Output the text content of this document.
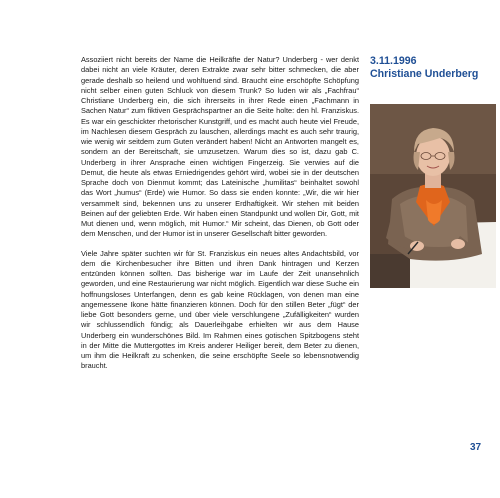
Assoziiert nicht bereits der Name die Heilkräfte der Natur? Underberg - wer denkt dabei nicht an viele Kräuter, deren Extrakte zwar sehr bitter schmecken, die aber gerade deshalb so heilend und wohltuend sind. Braucht eine erschöpfte Schöpfung nicht selber einen guten Schluck von diesem Trunk? So luden wir als „Fachfrau“ Christiane Underberg ein, die sich ihrerseits in ihrer Rede einen „Fachmann in Sachen Natur“ zum fiktiven Gesprächspartner an die Seite holte: den hl. Franziskus. Es war ein geschickter rhetorischer Kunstgriff, und es macht auch heute viel Freude, im Nachlesen diesem Gespräch zu lauschen, allerdings macht es auch sehr traurig, wie wenig wir seitdem zum Guten verändert haben! Nicht an Antworten mangelt es, sondern an der Bereitschaft, sie umzusetzen. Warum dies so ist, dazu gab C. Underberg in ihrer Ansprache einen wichtigen Fingerzeig. Sie verwies auf die Demut, die heute als etwas Erniedrigendes gehört wird, wobei sie in der deutschen Sprache doch von Dienmut kommt; das Lateinische „humilitas“ beinhaltet sowohl das Wort „humus“ (Erde) wie Humor. So dass sie enden konnte: „Wir, die wir hier versammelt sind, bekennen uns zu unserer Erdhaftigkeit. Wir stehen mit beiden Beinen auf der geliebten Erde. Wir haben einen Standpunkt und wollen Dir, Gott, mit Mut dienen und, wenn möglich, mit Humor.“ Mir scheint, das Dienen, ob Gott oder dem Menschen, und der Humor ist in unserer Gesellschaft bitter geworden.

Viele Jahre später suchten wir für St. Franziskus ein neues altes Andachtsbild, vor dem die Kirchenbesucher ihre Bitten und ihren Dank hintragen und Kerzen entzünden können sollten. Das bisherige war im Laufe der Zeit unansehnlich geworden, und eine Restaurierung war nicht möglich. Eigentlich war diese Suche ein hoffnungsloses Unterfangen, denn es gab keine Rücklagen, von denen man eine angemessene Ikone hätte finanzieren können. Doch für den stillen Beter „fügt“ der liebe Gott besonders gerne, und über viele verschlungene „Zufälligkeiten“ wurden wir schlussendlich fündig; als Dauerleihgabe erhielten wir aus dem Hause Underberg ein wunderschönes Bild. Im Rahmen eines gotischen Spitzbogens steht in der Mitte die Muttergottes im Kreis anderer Heiliger bereit, dem Beter zu dienen, um ihm die Heilkraft zu schenken, die seine erschöpfte Seele so lebensnotwendig braucht.

3.11.1996
Christiane Underberg
37
